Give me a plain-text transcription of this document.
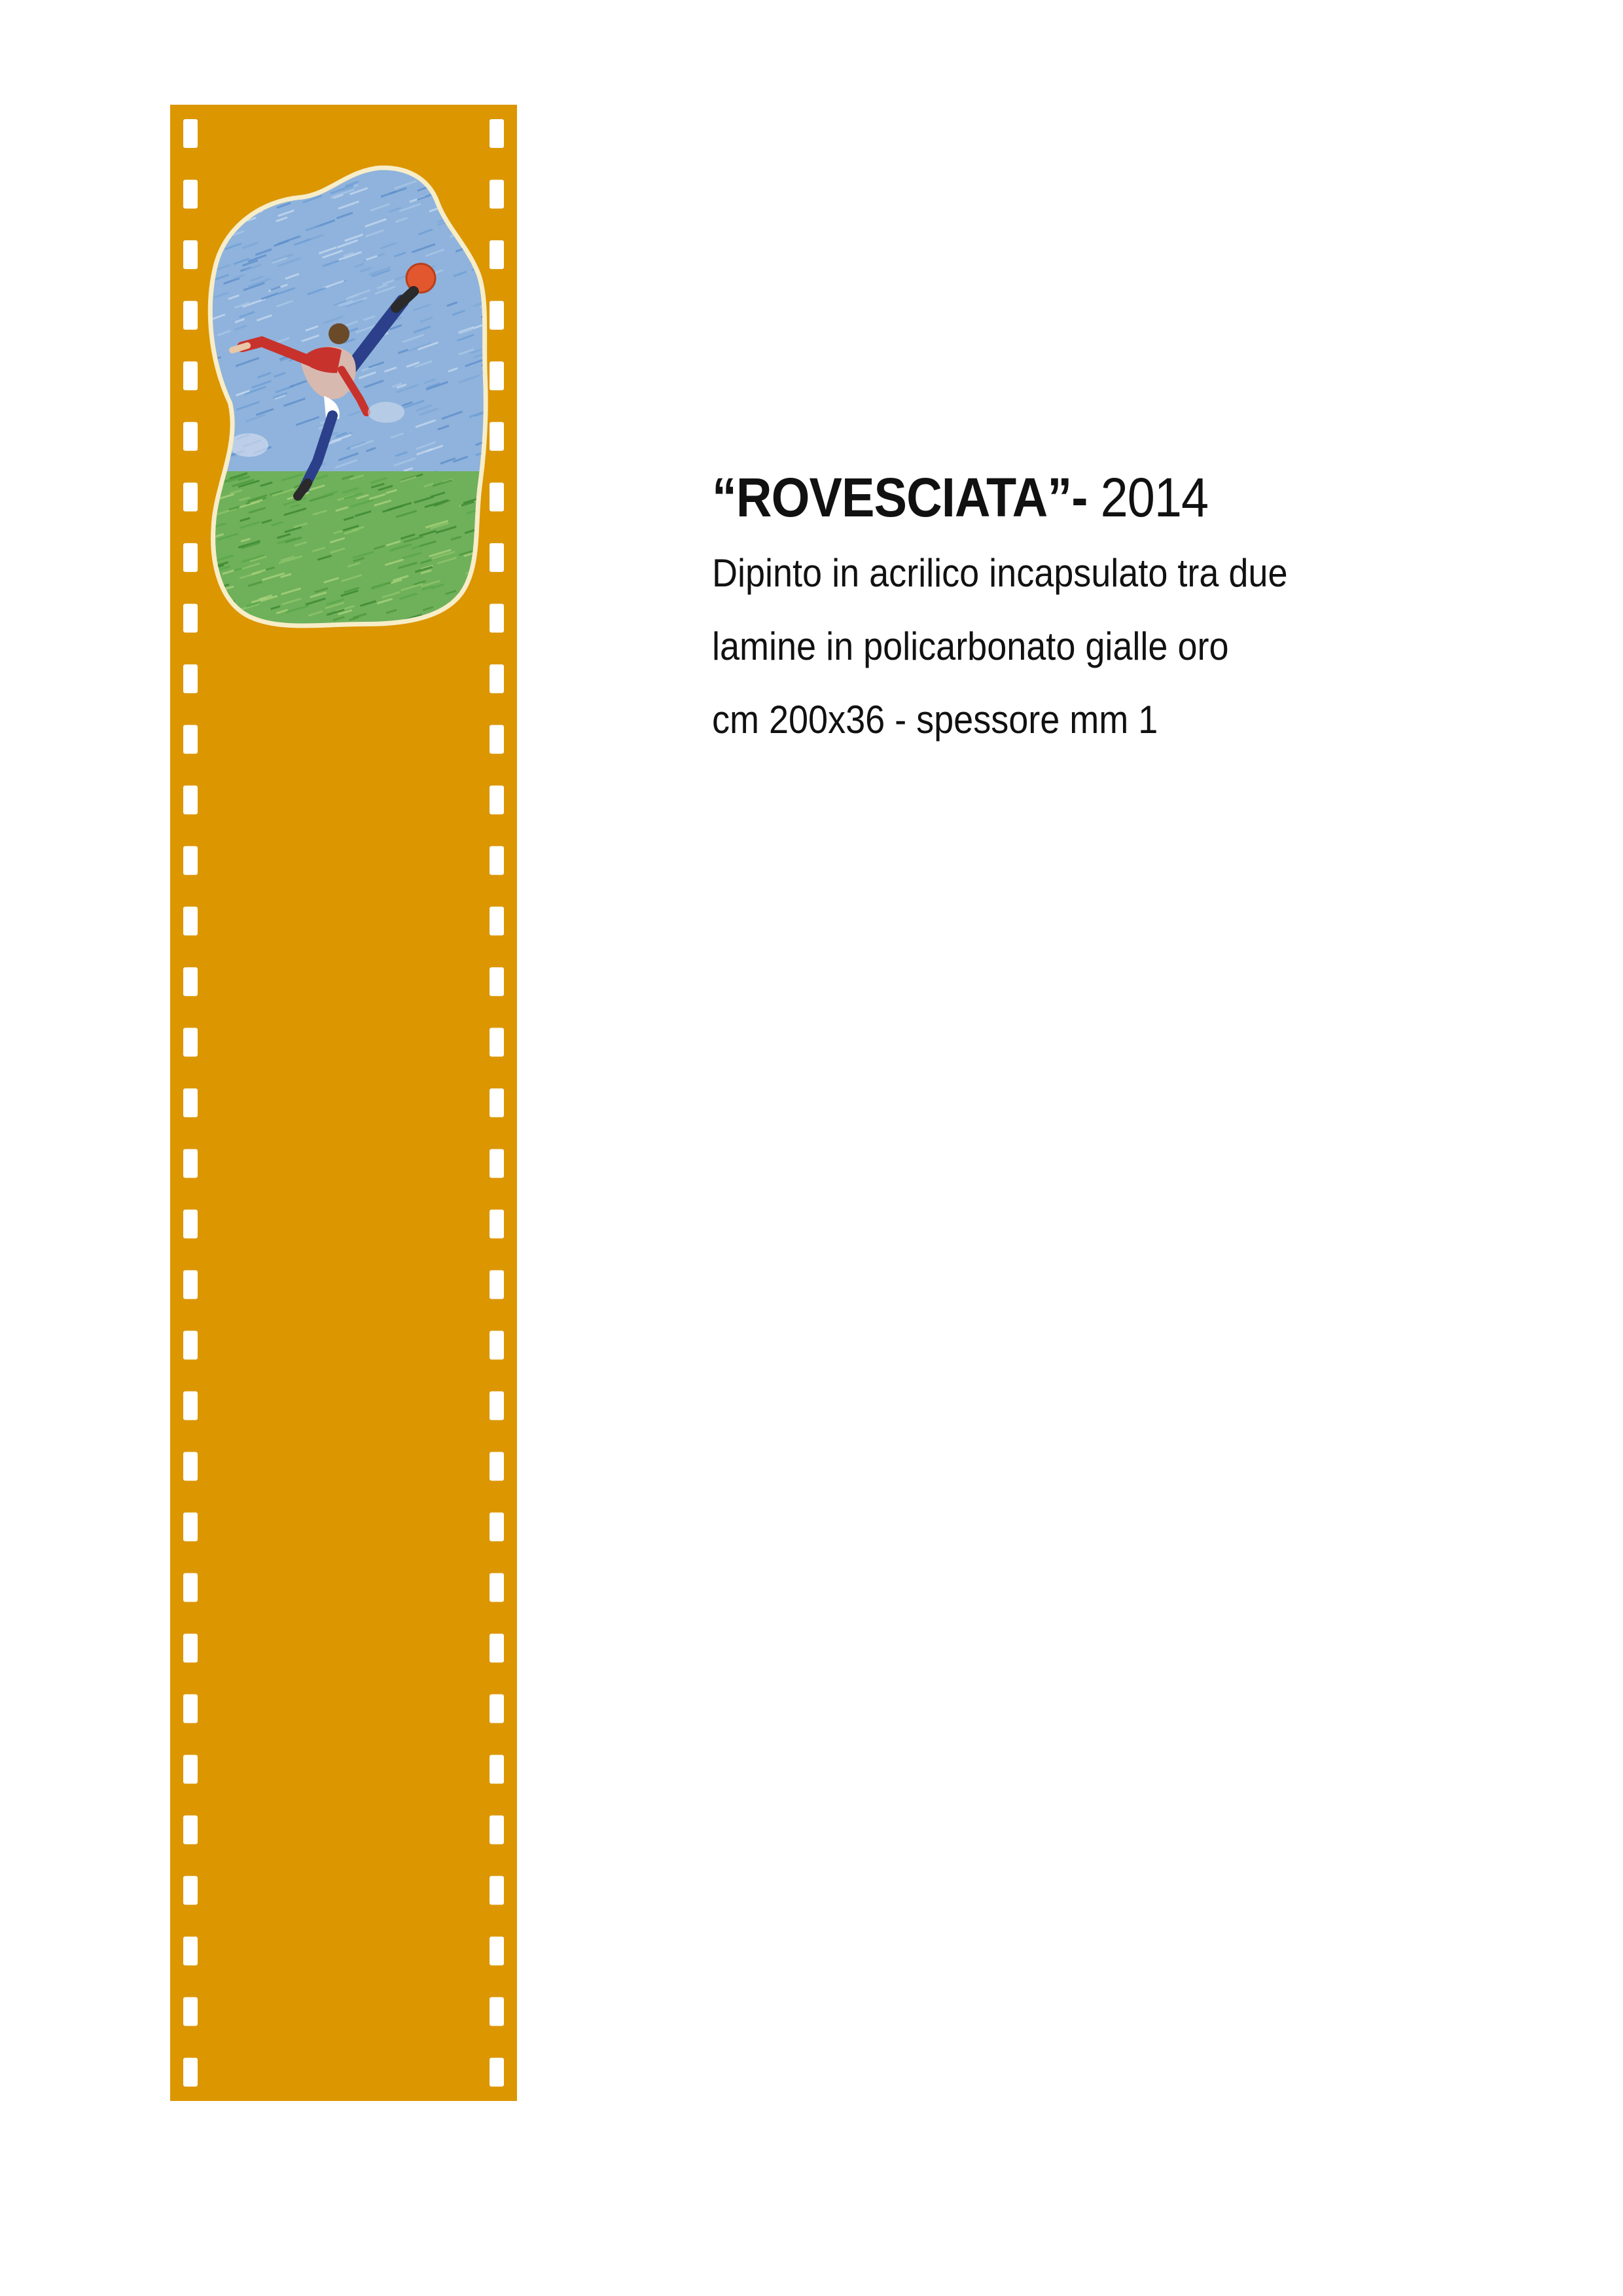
“ROVESCIATA”- 2014
Dipinto in acrilico incapsulato tra due
lamine in policarbonato gialle oro
cm 200x36 - spessore mm 1
